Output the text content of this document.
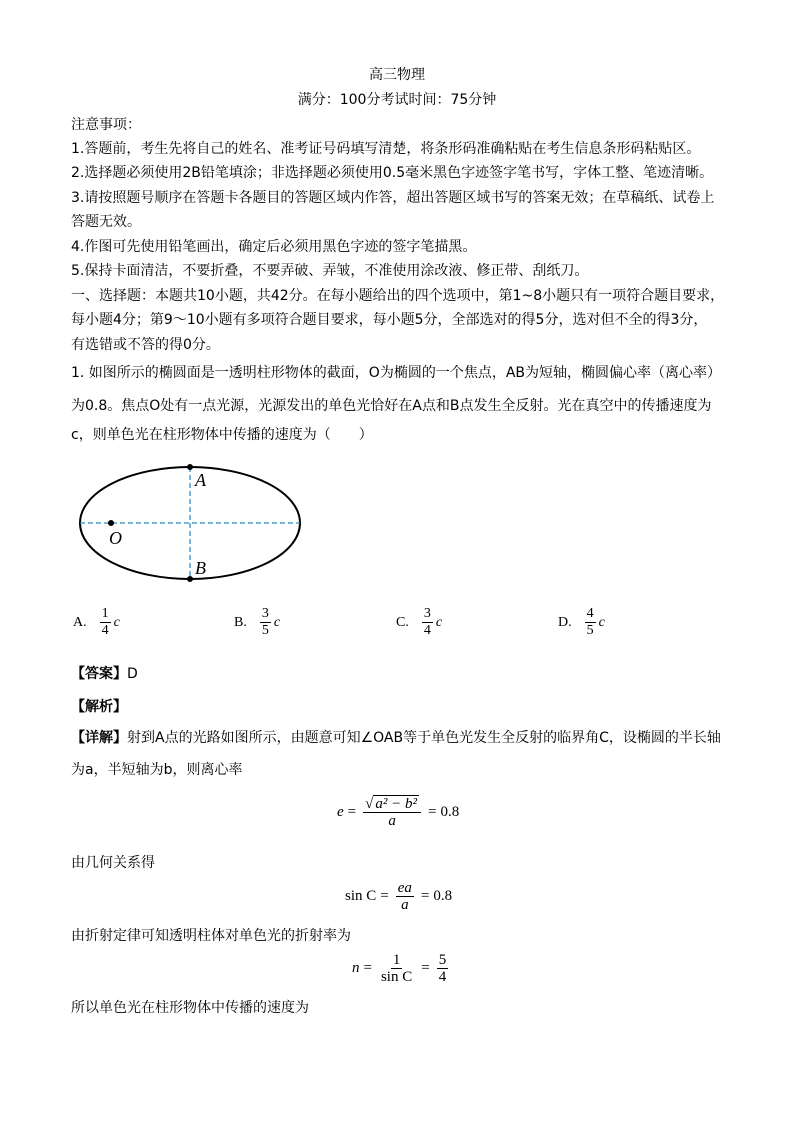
高三物理
满分：100分考试时间：75分钟
注意事项：
1.答题前，考生先将自己的姓名、准考证号码填写清楚，将条形码准确粘贴在考生信息条形码粘贴区。
2.选择题必须使用2B铅笔填涂；非选择题必须使用0.5毫米黑色字迹签字笔书写，字体工整、笔迹清晰。
3.请按照题号顺序在答题卡各题目的答题区域内作答，超出答题区域书写的答案无效；在草稿纸、试卷上
答题无效。
4.作图可先使用铅笔画出，确定后必须用黑色字迹的签字笔描黑。
5.保持卡面清洁，不要折叠，不要弄破、弄皱，不准使用涂改液、修正带、刮纸刀。
一、选择题：本题共10小题，共42分。在每小题给出的四个选项中，第1~8小题只有一项符合题目要求，
每小题4分；第9～10小题有多项符合题目要求，每小题5分，全部选对的得5分，选对但不全的得3分，
有选错或不答的得0分。
1. 如图所示的椭圆面是一透明柱形物体的截面，O为椭圆的一个焦点，AB为短轴，椭圆偏心率（离心率）
为0.8。焦点O处有一点光源，光源发出的单色光恰好在A点和B点发生全反射。光在真空中的传播速度为
c，则单色光在柱形物体中传播的速度为（　　）
A
O
B
A. $\frac{1}{4}$ c	B. $\frac{3}{5}$ c	C. $\frac{3}{4}$ c	D. $\frac{4}{5}$ c
【答案】D
【解析】
【详解】射到A点的光路如图所示，由题意可知∠OAB等于单色光发生全反射的临界角C，设椭圆的半长轴
为a，半短轴为b，则离心率
$e = \frac{\text{√ a² − b²}}{a} = 0.8$
由几何关系得
$\sin C = \frac{ea}{a} = 0.8$
由折射定律可知透明柱体对单色光的折射率为
$n = \frac{1}{\text{sin C}} = \frac{5}{4}$
所以单色光在柱形物体中传播的速度为
